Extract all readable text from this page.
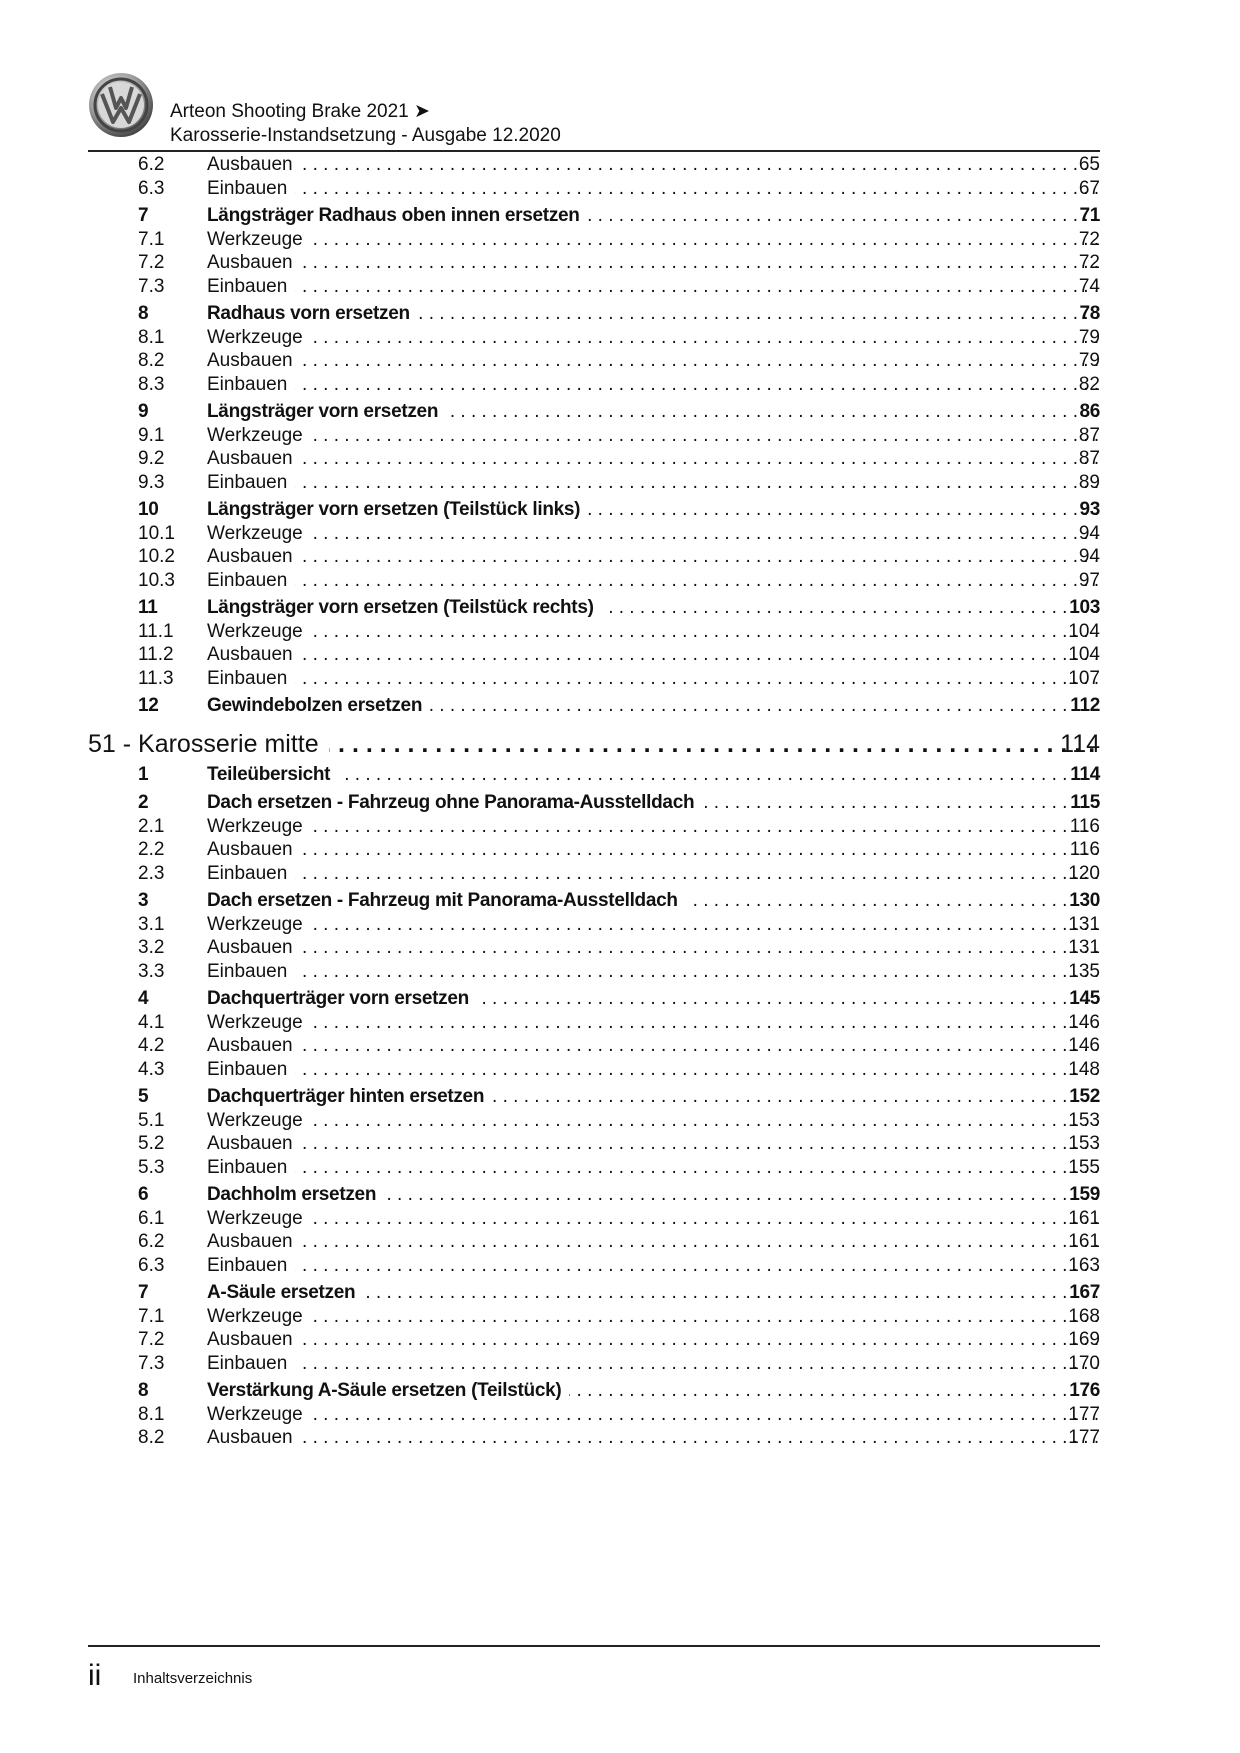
Arteon Shooting Brake 2021 ➤
Karosserie-Instandsetzung - Ausgabe 12.2020
6.2 Ausbauen . . .	65
6.3 Einbauen . . .	67
7	Längsträger Radhaus oben innen ersetzen . . .	71
7.1 Werkzeuge . . .	72
7.2 Ausbauen . . .	72
7.3 Einbauen . . .	74
8	Radhaus vorn ersetzen . . .	78
8.1 Werkzeuge . . .	79
8.2 Ausbauen . . .	79
8.3 Einbauen . . .	82
9	Längsträger vorn ersetzen . . .	86
9.1 Werkzeuge . . .	87
9.2 Ausbauen . . .	87
9.3 Einbauen . . .	89
10	Längsträger vorn ersetzen (Teilstück links) . . .	93
10.1 Werkzeuge . . .	94
10.2 Ausbauen . . .	94
10.3 Einbauen . . .	97
11	Längsträger vorn ersetzen (Teilstück rechts) . . .	103
11.1 Werkzeuge . . .	104
11.2 Ausbauen . . .	104
11.3 Einbauen . . .	107
12	Gewindebolzen ersetzen . . .	112
51 - Karosserie mitte . . .	114
1	Teileübersicht . . .	114
2	Dach ersetzen - Fahrzeug ohne Panorama-Ausstelldach . . .	115
2.1 Werkzeuge . . .	116
2.2 Ausbauen . . .	116
2.3 Einbauen . . .	120
3	Dach ersetzen - Fahrzeug mit Panorama-Ausstelldach . . .	130
3.1 Werkzeuge . . .	131
3.2 Ausbauen . . .	131
3.3 Einbauen . . .	135
4	Dachquerträger vorn ersetzen . . .	145
4.1 Werkzeuge . . .	146
4.2 Ausbauen . . .	146
4.3 Einbauen . . .	148
5	Dachquerträger hinten ersetzen . . .	152
5.1 Werkzeuge . . .	153
5.2 Ausbauen . . .	153
5.3 Einbauen . . .	155
6	Dachholm ersetzen . . .	159
6.1 Werkzeuge . . .	161
6.2 Ausbauen . . .	161
6.3 Einbauen . . .	163
7	A-Säule ersetzen . . .	167
7.1 Werkzeuge . . .	168
7.2 Ausbauen . . .	169
7.3 Einbauen . . .	170
8	Verstärkung A-Säule ersetzen (Teilstück) . . .	176
8.1 Werkzeuge . . .	177
8.2 Ausbauen . . .	177
ii Inhaltsverzeichnis
